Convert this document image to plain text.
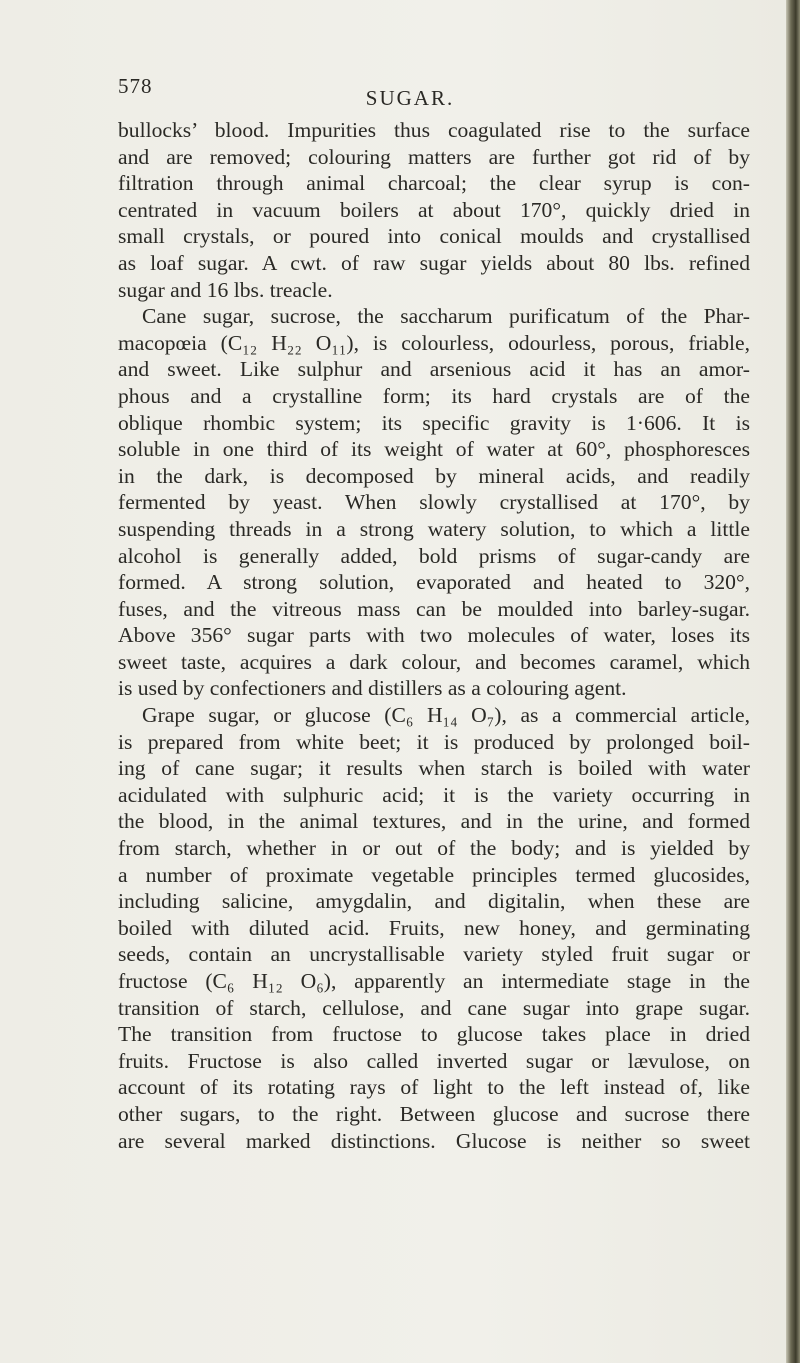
578	SUGAR.
bullocks’ blood. Impurities thus coagulated rise to the surface
and are removed; colouring matters are further got rid of by
filtration through animal charcoal; the clear syrup is con-
centrated in vacuum boilers at about 170°, quickly dried in
small crystals, or poured into conical moulds and crystallised
as loaf sugar. A cwt. of raw sugar yields about 80 lbs. refined
sugar and 16 lbs. treacle.
Cane sugar, sucrose, the saccharum purificatum of the Phar-
macopœia (C₁₂ H₂₂ O₁₁), is colourless, odourless, porous, friable,
and sweet. Like sulphur and arsenious acid it has an amor-
phous and a crystalline form; its hard crystals are of the
oblique rhombic system; its specific gravity is 1·606. It is
soluble in one third of its weight of water at 60°, phosphoresces
in the dark, is decomposed by mineral acids, and readily
fermented by yeast. When slowly crystallised at 170°, by
suspending threads in a strong watery solution, to which a little
alcohol is generally added, bold prisms of sugar-candy are
formed. A strong solution, evaporated and heated to 320°,
fuses, and the vitreous mass can be moulded into barley-sugar.
Above 356° sugar parts with two molecules of water, loses its
sweet taste, acquires a dark colour, and becomes caramel, which
is used by confectioners and distillers as a colouring agent.
Grape sugar, or glucose (C₆ H₁₄ O₇), as a commercial article,
is prepared from white beet; it is produced by prolonged boil-
ing of cane sugar; it results when starch is boiled with water
acidulated with sulphuric acid; it is the variety occurring in
the blood, in the animal textures, and in the urine, and formed
from starch, whether in or out of the body; and is yielded by
a number of proximate vegetable principles termed glucosides,
including salicine, amygdalin, and digitalin, when these are
boiled with diluted acid. Fruits, new honey, and germinating
seeds, contain an uncrystallisable variety styled fruit sugar or
fructose (C₆ H₁₂ O₆), apparently an intermediate stage in the
transition of starch, cellulose, and cane sugar into grape sugar.
The transition from fructose to glucose takes place in dried
fruits. Fructose is also called inverted sugar or lævulose, on
account of its rotating rays of light to the left instead of, like
other sugars, to the right. Between glucose and sucrose there
are several marked distinctions. Glucose is neither so sweet
